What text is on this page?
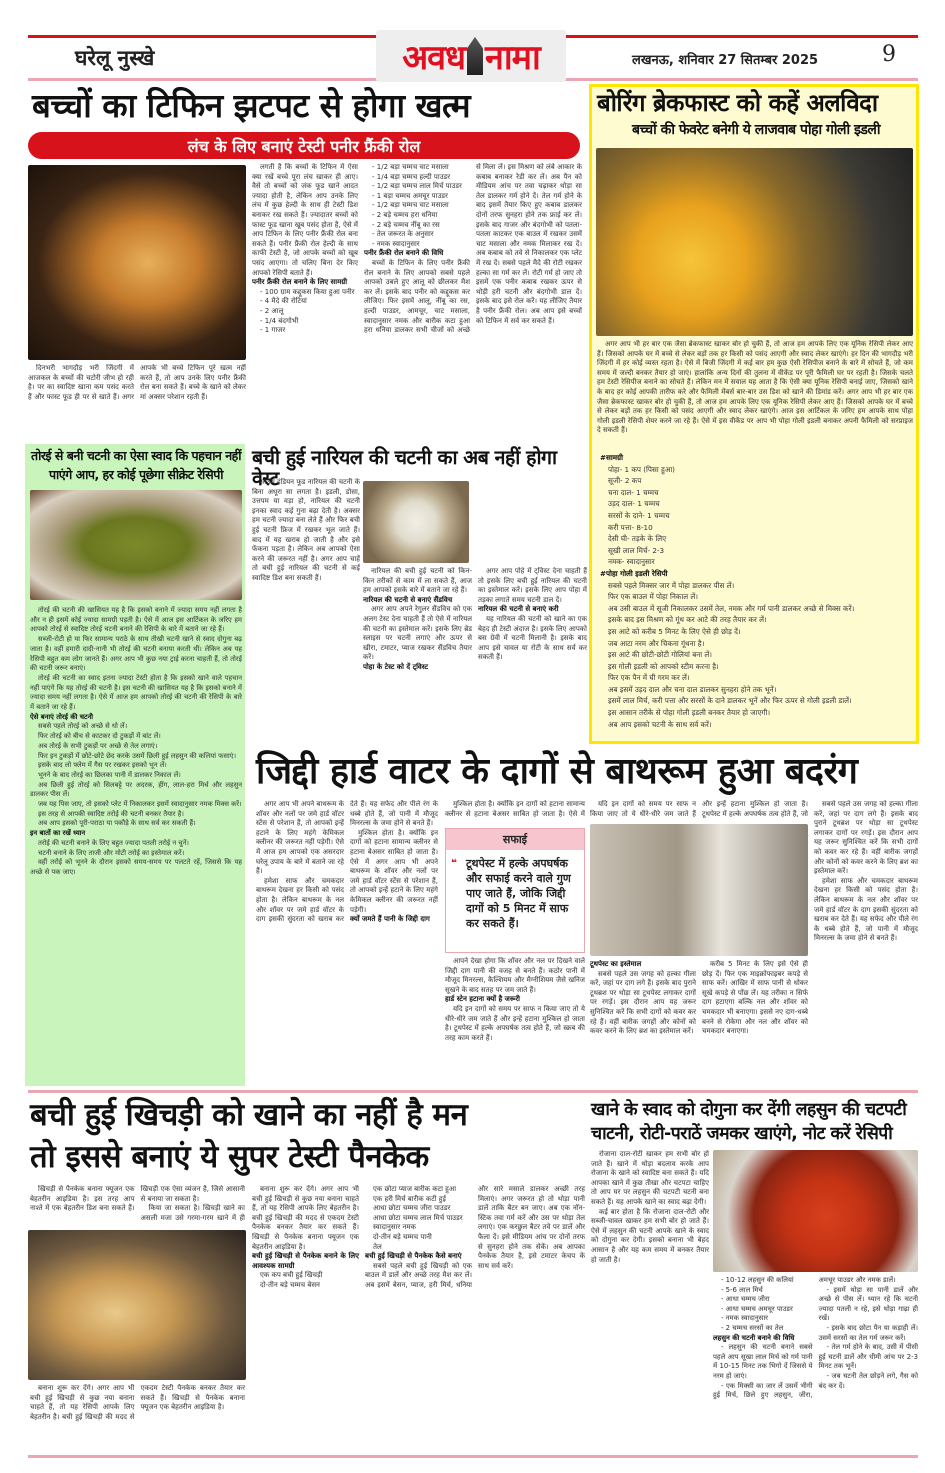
घरेलू नुस्खे	अवध नामा	लखनऊ, शनिवार 27 सितम्बर 2025	9
बच्चों का टिफिन झटपट से होगा खत्म
लंच के लिए बनाएं टेस्टी पनीर फ्रैंकी रोल

दिनभरी भागदौड़ भरी जिंदगी में आजकल के बच्चों की चटोरी जीभ हो रही है। पर का स्वादिष्ट खाना कम पसंद करते हैं और फास्ट फूड ही पर से खाते हैं। अगर आपके भी बच्चे टिफिन पूरे खत्म नहीं करते हैं, तो आप उनके लिए पनीर फ्रैंकी रोल बना सकते हैं। बच्चे के खाने को लेकर मां अक्सर परेशान रहती हैं।

लगती है कि बच्चों के टिफिन में ऐसा क्या रखें बच्चे पूरा लंच खाकर ही आए। वैसे तो बच्चों को जंक फूड खाने आदत ज्यादा होती है, लेकिन आप उनके लिए लंच में कुछ हेल्दी के साथ ही टेस्टी डिश बनाकर रख सकते हैं। ज्यादातर बच्चों को फास्ट फूड खाना खूब पसंद होता है, ऐसे में आप टिफिन के लिए पनीर फ्रैंकी रोल बना सकते हैं। पनीर फ्रैंकी रोल हेल्दी के साथ काफी टेस्टी है, जो आपके बच्चों को खूब पसंद आएगा। तो चलिए बिना देर किए आपको रेसिपी बताते हैं।

पनीर फ्रैंकी रोल बनाने के लिए सामग्री

- 100 ग्राम कद्दूकस किया हुआ पनीर

- 4 मैदे की रोटियां

- 2 आलू

- 1/4 बंदगोभी

- 1 गाजर

- 1/2 बड़ा चम्मच चाट मसाला

- 1/4 बड़ा चम्मच हल्दी पाउडर

- 1/2 बड़ा चम्मच लाल मिर्च पाउडर

- 1 बड़ा चम्मच अमचूर पाउडर

- 1/2 बड़ा चम्मच चाट मसाला

- 2 बड़े चम्मच हरा धनिया

- 2 बड़े चम्मच नींबू का रस

- तेल जरूरत के अनुसार

- नमक स्वादानुसार

पनीर फ्रैंकी रोल बनाने की विधि

बच्चों के टिफिन के लिए पनीर फ्रैंकी रोल बनाने के लिए आपको सबसे पहले आपको उबले हुए आलू को छीलकर मैश कर लें। इसके बाद पनीर को कद्दूकस कर लीजिए। फिर इसमें आलू, नींबू का रस, हल्दी पाउडर, आमचूर, चाट मसाला, स्वादानुसार नमक और बारीक कटा हुआ हरा धनिया डालकर सभी चीजों को अच्छे से मिला लें। इस मिश्रण को लंबे आकार के कबाब बनाकर रेडी कर लें। अब पैन को मीडियम आंच पर तवा चढ़ाकर थोड़ा सा तेल डालकर गर्म होने दें। तेल गर्म होने के बाद इसमें तैयार किए हुए कबाब डालकर दोनों तरफ सुनहरा होने तक फ्राई कर लें। इसके बाद गाजर और बंदगोभी को पतला-पतला काटकर एक बाउल में रखकर उसमें चाट मसाला और नमक मिलाकर रख दें। अब कबाब को तवे से निकालकर एक प्लेट में रख दें। सबसे पहले मैदे की रोटी रखकर हल्का सा गर्म कर लें। रोटी गर्म हो जाए तो इसमें एक पनीर कबाब रखकर ऊपर से थोड़ी हरी चटनी और बंदगोभी डाल दें। इसके बाद इसे रोल करें। यह लीजिए तैयार है पनीर फ्रैंकी रोल। अब आप इसे बच्चों को टिफिन में सर्व कर सकते हैं।

बोरिंग ब्रेकफास्ट को कहें अलविदा
बच्चों की फेवरेट बनेगी ये लाजवाब पोहा गोली इडली

अगर आप भी हर बार एक जैसा ब्रेकफास्ट खाकर बोर हो चुकी हैं, तो आज हम आपके लिए एक यूनिक रेसिपी लेकर आए हैं। जिसको आपके घर में बच्चे से लेकर बड़ों तक हर किसी को पसंद आएगी और स्वाद लेकर खाएंगे। हर दिन की भागदौड़ भरी जिंदगी में हर कोई व्यस्त रहता है। ऐसे में बिजी जिंदगी में कई बार हम कुछ ऐसी रेसिपीज बनाने के बारे में सोचते हैं, जो कम समय में जल्दी बनकर तैयार हो जाएं। हालांकि अन्य दिनों की तुलना में वीकेंड पर पूरी फैमिली घर पर रहती है। जिसके चलते हम टेस्टी रेसिपीज बनाने का सोचते हैं। लेकिन मन में सवाल यह आता है कि ऐसी क्या यूनिक रेसिपी बनाई जाए, जिसको खाने के बाद हर कोई आपकी तारीफ करे और फैमिली मेंबर्स बार-बार उस डिश को खाने की डिमांड करें। अगर आप भी हर बार एक जैसा ब्रेकफास्ट खाकर बोर हो चुकी हैं, तो आज हम आपके लिए एक यूनिक रेसिपी लेकर आए हैं। जिसको आपके घर में बच्चे से लेकर बड़ों तक हर किसी को पसंद आएगी और स्वाद लेकर खाएंगे। आज इस आर्टिकल के जरिए हम आपके साथ पोहा गोली इडली रेसिपी शेयर करने जा रहे हैं। ऐसे में इस वीकेंड पर आप भी पोहा गोली इडली बनाकर अपनी फैमिली को सरप्राइज दे सकती हैं।

#सामग्री

पोहा- 1 कप (पिसा हुआ)

सूजी- 2 कप

चना दाल- 1 चम्मच

उड़द दाल- 1 चम्मच

सरसों के दाने- 1 चम्मच

करी पत्ता- 8-10

देसी घी- तड़के के लिए

सूखी लाल मिर्च- 2-3

नमक- स्वादानुसार

#पोहा गोली इडली रेसिपी

सबसे पहले मिक्सर जार में पोहा डालकर पीस लें।

फिर एक बाउल में पोहा निकाल लें।

अब उसी बाउल में सूजी निकालकर उसमें तेल, नमक और गर्म पानी डालकर अच्छे से मिक्स करें।

इसके बाद इस मिश्रण को गूंथ कर आटे की तरह तैयार कर लें।

इस आटे को करीब 5 मिनट के लिए ऐसे ही छोड़ दें।

जब आटा नरम और चिकना गूंथना है।

इस आटे की छोटी-छोटी गोलियां बना लें।

इस गोली इडली को आपको स्टीम करना है।

फिर एक पैन में घी गरम कर लें।

अब इसमें उड़द दाल और चना दाल डालकर सुनहरा होने तक भूनें।

इसमें लाल मिर्च, करी पत्ता और सरसों के दाने डालकर भूनें और फिर ऊपर से गोली इडली डालें।

इस आसान तरीके से पोहा गोली इडली बनकर तैयार हो जाएगी।

अब आप इसको चटनी के साथ सर्व करें।

तोरई से बनी चटनी का ऐसा स्वाद कि पहचान नहीं पाएंगे आप, हर कोई पूछेगा सीक्रेट रेसिपी

तोरई की चटनी की खासियत यह है कि इसको बनाने में ज्यादा समय नहीं लगता है और न ही इसमें कोई ज्यादा सामग्री पड़ती है। ऐसे में आज इस आर्टिकल के जरिए हम आपको तोरई से स्वादिष्ट तोरई चटनी बनाने की रेसिपी के बारे में बताने जा रहे हैं।

सब्जी-रोटी हो या फिर सामान्य पराठे के साथ तीखी चटनी खाने से स्वाद दोगुना बढ़ जाता है। वहीं हमारी दादी-नानी भी तोरई की चटनी बनाया करती थीं। लेकिन अब यह रेसिपी बहुत कम लोग जानते हैं। अगर आप भी कुछ नया ट्राई करना चाहती हैं, तो तोरई की चटनी जरूर बनाएं।

तोरई की चटनी का स्वाद इतना ज्यादा टेस्टी होता है कि इसको खाने वाले पहचान नहीं पाएंगे कि यह तोरई की चटनी है। इस चटनी की खासियत यह है कि इसको बनाने में ज्यादा समय नहीं लगता है। ऐसे में आज हम आपको तोरई की चटनी की रेसिपी के बारे में बताने जा रहे हैं।

ऐसे बनाएं तोरई की चटनी

सबसे पहले तोरई को अच्छे से धो लें।

फिर तोरई को बीच से काटकर दो टुकड़ों में बांट लें।

अब तोरई के सभी टुकड़ों पर अच्छे से तेल लगाएं।

फिर इन टुकड़ों में छोटे-छोटे छेद करके उसमें छिली हुई लहसुन की कलियां फसाएं।

इसके बाद लो फ्लेम में गैस पर रखकर इसको भून लें।

भूनने के बाद तोरई का छिलका पानी में डालकर निकाल लें।

अब छिली हुई तोरई को सिलबट्टे पर अदरक, हींग, लाल-हरा मिर्च और लहसुन डालकर पीस लें।

जब यह पिस जाए, तो इसको प्लेट में निकालकर इसमें स्वादानुसार नमक मिक्स करें।

इस तरह से आपकी स्वादिष्ट तरोई की चटनी बनकर तैयार है।

अब आप इसको पूरी-पराठा या पकौड़े के साथ सर्व कर सकती हैं।

इन बातों का रखें ध्यान

तरोई की चटनी बनाने के लिए बहुत ज्यादा पतली तरोई न चुनें।

चटनी बनाने के लिए ताजी और मोटी तरोई का इस्तेमाल करें।

वहीं तरोई को भूनने के दौरान इसको समय-समय पर पलटते रहें, जिससे कि यह अच्छे से पक जाए।

बची हुई नारियल की चटनी का अब नहीं होगा वेस्ट

साउथ इंडियन फूड नारियल की चटनी के बिना अधूरा सा लगता है। इडली, डोसा, उत्तपम या वड़ा हो, नारियल की चटनी इनका स्वाद कई गुना बढ़ा देती है। अक्सर हम चटनी ज्यादा बना लेते हैं और फिर बची हुई चटनी फ्रिज में रखकर भूल जाते हैं। बाद में यह खराब हो जाती है और इसे फेंकना पड़ता है। लेकिन अब आपको ऐसा करने की जरूरत नहीं है। अगर आप चाहें तो बची हुई नारियल की चटनी से कई स्वादिष्ट डिश बना सकती हैं।

नारियल की बची हुई चटनी को किन-किन तरीकों से काम में ला सकते हैं, आज हम आपको इसके बारे में बताने जा रहे हैं।

नारियल की चटनी से बनाएं सैंडविच

अगर आप अपने रेगुलर सैंडविच को एक अलग टेस्ट देना चाहती हैं तो ऐसे में नारियल की चटनी का इस्तेमाल करें। इसके लिए ब्रेड स्लाइस पर चटनी लगाएं और ऊपर से खीरा, टमाटर, प्याज रखकर सैंडविच तैयार करें।

पोहा के टेस्ट को दें ट्विस्ट

अगर आप पोहे में ट्विस्ट देना चाहती हैं तो इसके लिए बची हुई नारियल की चटनी का इस्तेमाल करें। इसके लिए आप पोहा में तड़का लगाते समय चटनी डाल दें।

नारियल की चटनी से बनाएं करी

यह नारियल की चटनी को खाने का एक बेहद ही टेस्टी अंदाज है। इसके लिए आपको बस ग्रेवी में चटनी मिलानी है। इसके बाद आप इसे चावल या रोटी के साथ सर्व कर सकती हैं।

जिद्दी हार्ड वाटर के दागों से बाथरूम हुआ बदरंग

अगर आप भी अपने बाथरूम के शॉवर और नलों पर जमे हार्ड वॉटर स्टेंस से परेशान हैं, तो आपको इन्हें हटाने के लिए महंगे केमिकल क्लीनर की जरूरत नहीं पड़ेगी। ऐसे में आज हम आपको एक असरदार घरेलू उपाय के बारे में बताने जा रहे हैं।

हमेशा साफ और चमकदार बाथरूम देखना हर किसी को पसंद होता है। लेकिन बाथरूम के नल और शॉवर पर जमे हार्ड वॉटर के दाग इसकी सुंदरता को खराब कर देते हैं। यह सफेद और पीले रंग के धब्बे होते हैं, जो पानी में मौजूद मिनरल्स के जमा होने से बनते हैं।

मुश्किल होता है। क्योंकि इन दागों को हटाना सामान्य क्लीनर से हटाना बेअसर साबित हो जाता है। ऐसे में अगर आप भी अपने बाथरूम के शॉवर और नलों पर जमे हार्ड वॉटर स्टेंस से परेशान हैं, तो आपको इन्हें हटाने के लिए महंगे केमिकल क्लीनर की जरूरत नहीं पड़ेगी।

क्यों जमते हैं पानी के जिद्दी दाग

सफाई
❝ टूथपेस्ट में हल्के अपघर्षक और सफाई करने वाले गुण पाए जाते हैं, जोकि जिद्दी दागों को 5 मिनट में साफ कर सकते हैं।

मुश्किल होता है। क्योंकि इन दागों को हटाना सामान्य क्लीनर से हटाना बेअसर साबित हो जाता है। ऐसे में

आपने देखा होगा कि शॉवर और नल पर दिखने वाले जिद्दी दाग पानी की वजह से बनते हैं। कठोर पानी में मौजूद मिनरल्स, कैल्शियम और मैग्नीशियम जैसे खनिज सूखने के बाद सतह पर जम जाते हैं।

हार्ड स्टेन हटाना क्यों है जरूरी

यदि इन दागों को समय पर साफ न किया जाए तो ये धीरे-धीरे जम जाते हैं और इन्हें हटाना मुश्किल हो जाता है। टूथपेस्ट में हल्के अपघर्षक तत्व होते हैं, जो स्क्रब की तरह काम करते हैं।

यदि इन दागों को समय पर साफ न किया जाए तो ये धीरे-धीरे जम जाते हैं और इन्हें हटाना मुश्किल हो जाता है। टूथपेस्ट में हल्के अपघर्षक तत्व होते हैं, जो

टूथपेस्ट का इस्तेमाल

सबसे पहले उस जगह को हल्का गीला करें, जहां पर दाग लगे हैं। इसके बाद पुराने टूथब्रश पर थोड़ा सा टूथपेस्ट लगाकर दागों पर रगड़ें। इस दौरान आप यह जरूर सुनिश्चित करें कि सभी दागों को कवर कर रहे हैं। वहीं बारीक जगहों और कोनों को कवर करने के लिए ब्रश का इस्तेमाल करें।

करीब 5 मिनट के लिए इसे ऐसे ही छोड़ दें। फिर एक माइक्रोफाइबर कपड़े से साफ करें। आखिर में साफ पानी से धोकर सूखे कपड़े से पोंछ लें। यह तरीका न सिर्फ दाग हटाएगा बल्कि नल और शॉवर को चमकदार भी बनाएगा। इससे नए दाग-धब्बे बनने से रोकेगा और नल और शॉवर को चमकदार बनाएगा।

सबसे पहले उस जगह को हल्का गीला करें, जहां पर दाग लगे हैं। इसके बाद पुराने टूथब्रश पर थोड़ा सा टूथपेस्ट लगाकर दागों पर रगड़ें। इस दौरान आप यह जरूर सुनिश्चित करें कि सभी दागों को कवर कर रहे हैं। वहीं बारीक जगहों और कोनों को कवर करने के लिए ब्रश का इस्तेमाल करें।

हमेशा साफ और चमकदार बाथरूम देखना हर किसी को पसंद होता है। लेकिन बाथरूम के नल और शॉवर पर जमे हार्ड वॉटर के दाग इसकी सुंदरता को खराब कर देते हैं। यह सफेद और पीले रंग के धब्बे होते हैं, जो पानी में मौजूद मिनरल्स के जमा होने से बनते हैं।

बची हुई खिचड़ी को खाने का नहीं है मन
तो इससे बनाएं ये सुपर टेस्टी पैनकेक

खिचड़ी से पैनकेक बनाना फ्यूजन एक बेहतरीन आइडिया है। इस तरह आप नाश्ते में एक बेहतरीन डिश बना सकते हैं। खिचड़ी एक ऐसा व्यंजन है, जिसे आसानी से बनाया जा सकता है।

किया जा सकता है। खिचड़ी खाने का असली मजा उसे गरमा-गरम खाने में ही

बनाना शुरू कर देंगे। अगर आप भी बची हुई खिचड़ी से कुछ नया बनाना चाहते हैं, तो यह रेसिपी आपके लिए बेहतरीन है। बची हुई खिचड़ी की मदद से एकदम टेस्टी पैनकेक बनकर तैयार कर सकते हैं। खिचड़ी से पैनकेक बनाना फ्यूजन एक बेहतरीन आइडिया है।

बनाना शुरू कर देंगे। अगर आप भी बची हुई खिचड़ी से कुछ नया बनाना चाहते हैं, तो यह रेसिपी आपके लिए बेहतरीन है। बची हुई खिचड़ी की मदद से एकदम टेस्टी पैनकेक बनकर तैयार कर सकते हैं। खिचड़ी से पैनकेक बनाना फ्यूजन एक बेहतरीन आइडिया है।

बची हुई खिचड़ी से पैनकेक बनाने के लिए आवश्यक सामग्री

एक कप बची हुई खिचड़ी

दो-तीन बड़े चम्मच बेसन

एक छोटा प्याज बारीक कटा हुआ

एक हरी मिर्च बारीक कटी हुई

आधा छोटा चम्मच जीरा पाउडर

आधा छोटा चम्मच लाल मिर्च पाउडर

स्वादानुसार नमक

दो-तीन बड़े चम्मच पानी

तेल

बची हुई खिचड़ी से पैनकेक कैसे बनाएं

सबसे पहले बची हुई खिचड़ी को एक बाउल में डालें और अच्छे तरह मैश कर लें। अब इसमें बेसन, प्याज, हरी मिर्च, धनिया और सारे मसाले डालकर अच्छी तरह मिलाएं। अगर जरूरत हो तो थोड़ा पानी डालें ताकि बैटर बन जाए। अब एक नॉन-स्टिक तवा गर्म करें और उस पर थोड़ा तेल लगाएं। एक करछुल बैटर तवे पर डालें और फैला दें। इसे मीडियम आंच पर दोनों तरफ से सुनहरा होने तक सेकें। अब आपका पैनकेक तैयार है, इसे टमाटर केचप के साथ सर्व करें।

खाने के स्वाद को दोगुना कर देंगी लहसुन की चटपटी चाटनी, रोटी-पराठें जमकर खाएंगे, नोट करें रेसिपी

रोजाना दाल-रोटी खाकर हम सभी बोर हो जाते हैं। खाने में थोड़ा बदलाव करके आप रोजाना के खाने को स्वादिष्ट बना सकते हैं। यदि आपका खाने में कुछ तीखा और चटपटा चाहिए तो आप घर पर लहसुन की चटपटी चटनी बना सकते हैं। यह आपके खाने का स्वाद बढ़ा देगी।

कई बार होता है कि रोजाना दाल-रोटी और सब्जी-चावल खाकर हम सभी बोर हो जाते हैं। ऐसे में लहसुन की चटनी आपके खाने के स्वाद को दोगुना कर देगी। इसको बनाना भी बेहद आसान है और यह कम समय में बनकर तैयार हो जाती है।

- 10-12 लहसुन की कलियां

- 5-6 लाल मिर्च

- आधा चम्मच जीरा

- आधा चम्मच अमचूर पाउडर

- नमक स्वादानुसार

- 2 चम्मच सरसों का तेल

लहसुन की चटनी बनाने की विधि

- लहसुन की चटनी बनाने सबसे पहले आप सूखा लाल मिर्च को गर्म पानी में 10-15 मिनट तक भिगो दें जिससे ये नरम हो जाएं।

- एक मिक्सी का जार लें उसमें भीगी हुई मिर्च, छिले हुए लहसुन, जीरा, अमचूर पाउडर और नमक डालें।

- इसमें थोड़ा सा पानी डालें और अच्छे से पीस लें। ध्यान रहे कि चटनी ज्यादा पतली न रहे, इसे थोड़ा गाढ़ा ही रखें।

- इसके बाद छोटा पैन या कड़ाही लें। उसमें सरसों का तेल गर्म जरूर करें।

- तेल गर्म होने के बाद, उसी में पीसी हुई चटनी डालें और धीमी आंच पर 2-3 मिनट तक भूनें।

- जब चटनी तेल छोड़ने लगे, गैस को बंद कर दें।
